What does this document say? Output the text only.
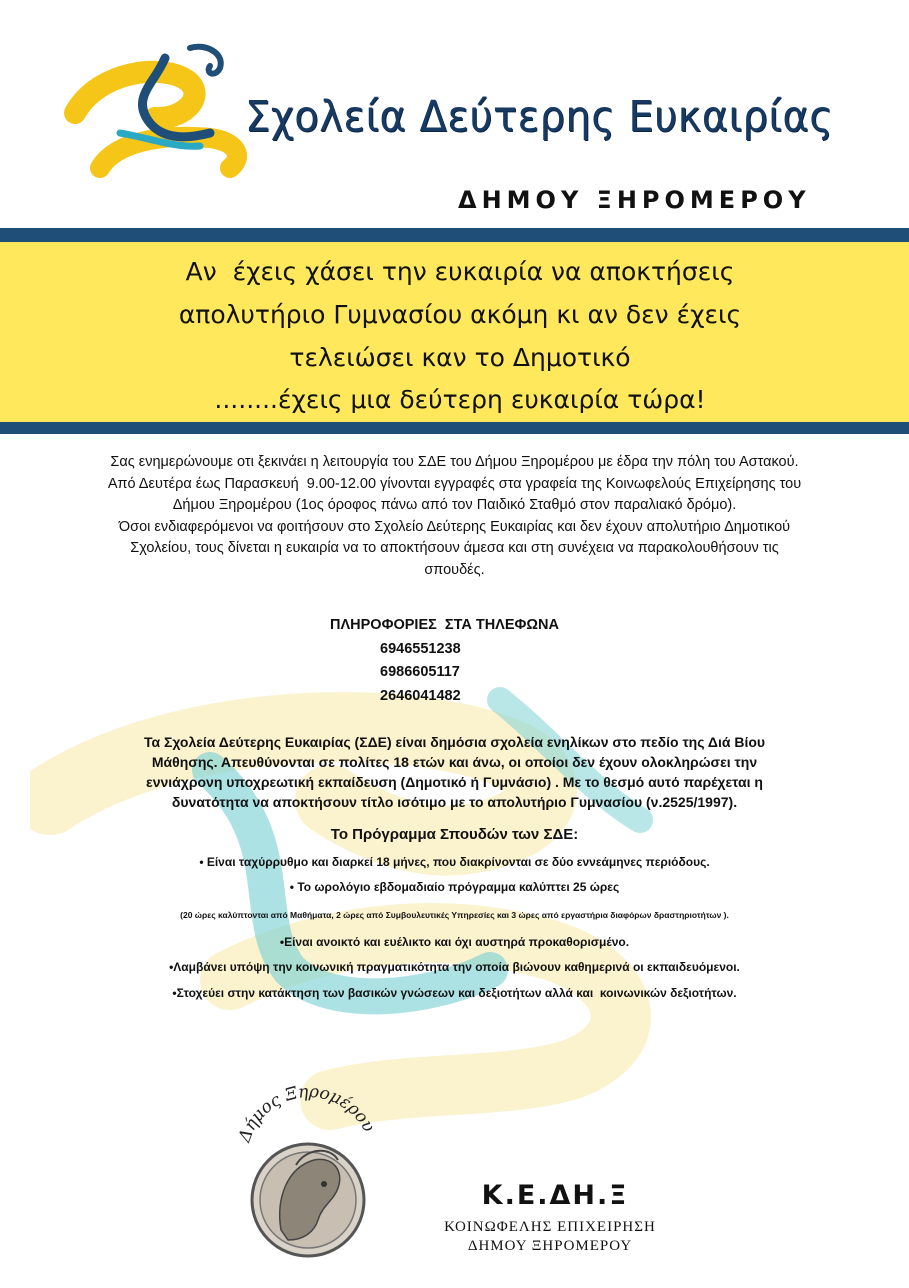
Σχολεία Δεύτερης Ευκαιρίας
ΔΗΜΟΥ ΞΗΡΟΜΕΡΟΥ
Αν  έχεις χάσει την ευκαιρία να αποκτήσεις
απολυτήριο Γυμνασίου ακόμη κι αν δεν έχεις
τελειώσει καν το Δημοτικό
........έχεις μια δεύτερη ευκαιρία τώρα!
Σας ενημερώνουμε οτι ξεκινάει η λειτουργία του ΣΔΕ του Δήμου Ξηρομέρου με έδρα την πόλη του Αστακού.
Από Δευτέρα έως Παρασκευή  9.00-12.00 γίνονται εγγραφές στα γραφεία της Κοινωφελούς Επιχείρησης του
Δήμου Ξηρομέρου (1ος όροφος πάνω από τον Παιδικό Σταθμό στον παραλιακό δρόμο).
Όσοι ενδιαφερόμενοι να φοιτήσουν στο Σχολείο Δεύτερης Ευκαιρίας και δεν έχουν απολυτήριο Δημοτικού
Σχολείου, τους δίνεται η ευκαιρία να το αποκτήσουν άμεσα και στη συνέχεια να παρακολουθήσουν τις
σπουδές.
ΠΛΗΡΟΦΟΡΙΕΣ  ΣΤΑ ΤΗΛΕΦΩΝΑ
6946551238
6986605117
2646041482
Τα Σχολεία Δεύτερης Ευκαιρίας (ΣΔΕ) είναι δημόσια σχολεία ενηλίκων στο πεδίο της Διά Βίου
Μάθησης. Απευθύνονται σε πολίτες 18 ετών και άνω, οι οποίοι δεν έχουν ολοκληρώσει την
εννιάχρονη υποχρεωτική εκπαίδευση (Δημοτικό ή Γυμνάσιο) . Με το θεσμό αυτό παρέχεται η
δυνατότητα να αποκτήσουν τίτλο ισότιμο με το απολυτήριο Γυμνασίου (ν.2525/1997).
Το Πρόγραμμα Σπουδών των ΣΔΕ:
• Είναι ταχύρρυθμο και διαρκεί 18 μήνες, που διακρίνονται σε δύο εννεάμηνες περιόδους.
• Το ωρολόγιο εβδομαδιαίο πρόγραμμα καλύπτει 25 ώρες
(20 ώρες καλύπτονται από Μαθήματα, 2 ώρες από Συμβουλευτικές Υπηρεσίες και 3 ώρες από εργαστήρια διαφόρων δραστηριοτήτων ).
•Είναι ανοικτό και ευέλικτο και όχι αυστηρά προκαθορισμένο.
•Λαμβάνει υπόψη την κοινωνική πραγματικότητα την οποία βιώνουν καθημερινά οι εκπαιδευόμενοι.
•Στοχεύει στην κατάκτηση των βασικών γνώσεων και δεξιοτήτων αλλά και  κοινωνικών δεξιοτήτων.
Δήμος Ξηρομέρου
Κ.Ε.ΔΗ.Ξ
ΚΟΙΝΩΦΕΛΗΣ ΕΠΙΧΕΙΡΗΣΗ
ΔΗΜΟΥ ΞΗΡΟΜΕΡΟΥ
